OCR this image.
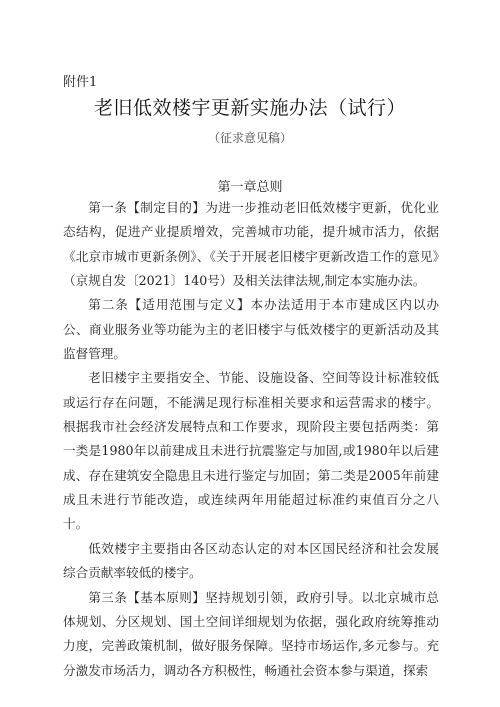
附件1
老旧低效楼宇更新实施办法（试行）
（征求意见稿）
第一章总则

第一条【制定目的】为进一步推动老旧低效楼宇更新，优化业态结构，促进产业提质增效，完善城市功能，提升城市活力，依据《北京市城市更新条例》、《关于开展老旧楼宇更新改造工作的意见》（京规自发〔2021〕140号）及相关法律法规,制定本实施办法。

第二条【适用范围与定义】本办法适用于本市建成区内以办公、商业服务业等功能为主的老旧楼宇与低效楼宇的更新活动及其监督管理。

老旧楼宇主要指安全、节能、设施设备、空间等设计标准较低或运行存在问题，不能满足现行标准相关要求和运营需求的楼宇。根据我市社会经济发展特点和工作要求，现阶段主要包括两类：第一类是1980年以前建成且未进行抗震鉴定与加固,或1980年以后建成、存在建筑安全隐患且未进行鉴定与加固；第二类是2005年前建成且未进行节能改造，或连续两年用能超过标准约束值百分之八十。

低效楼宇主要指由各区动态认定的对本区国民经济和社会发展综合贡献率较低的楼宇。

第三条【基本原则】坚持规划引领，政府引导。以北京城市总体规划、分区规划、国土空间详细规划为依据，强化政府统筹推动力度，完善政策机制，做好服务保障。坚持市场运作,多元参与。充分激发市场活力，调动各方积极性，畅通社会资本参与渠道，探索
